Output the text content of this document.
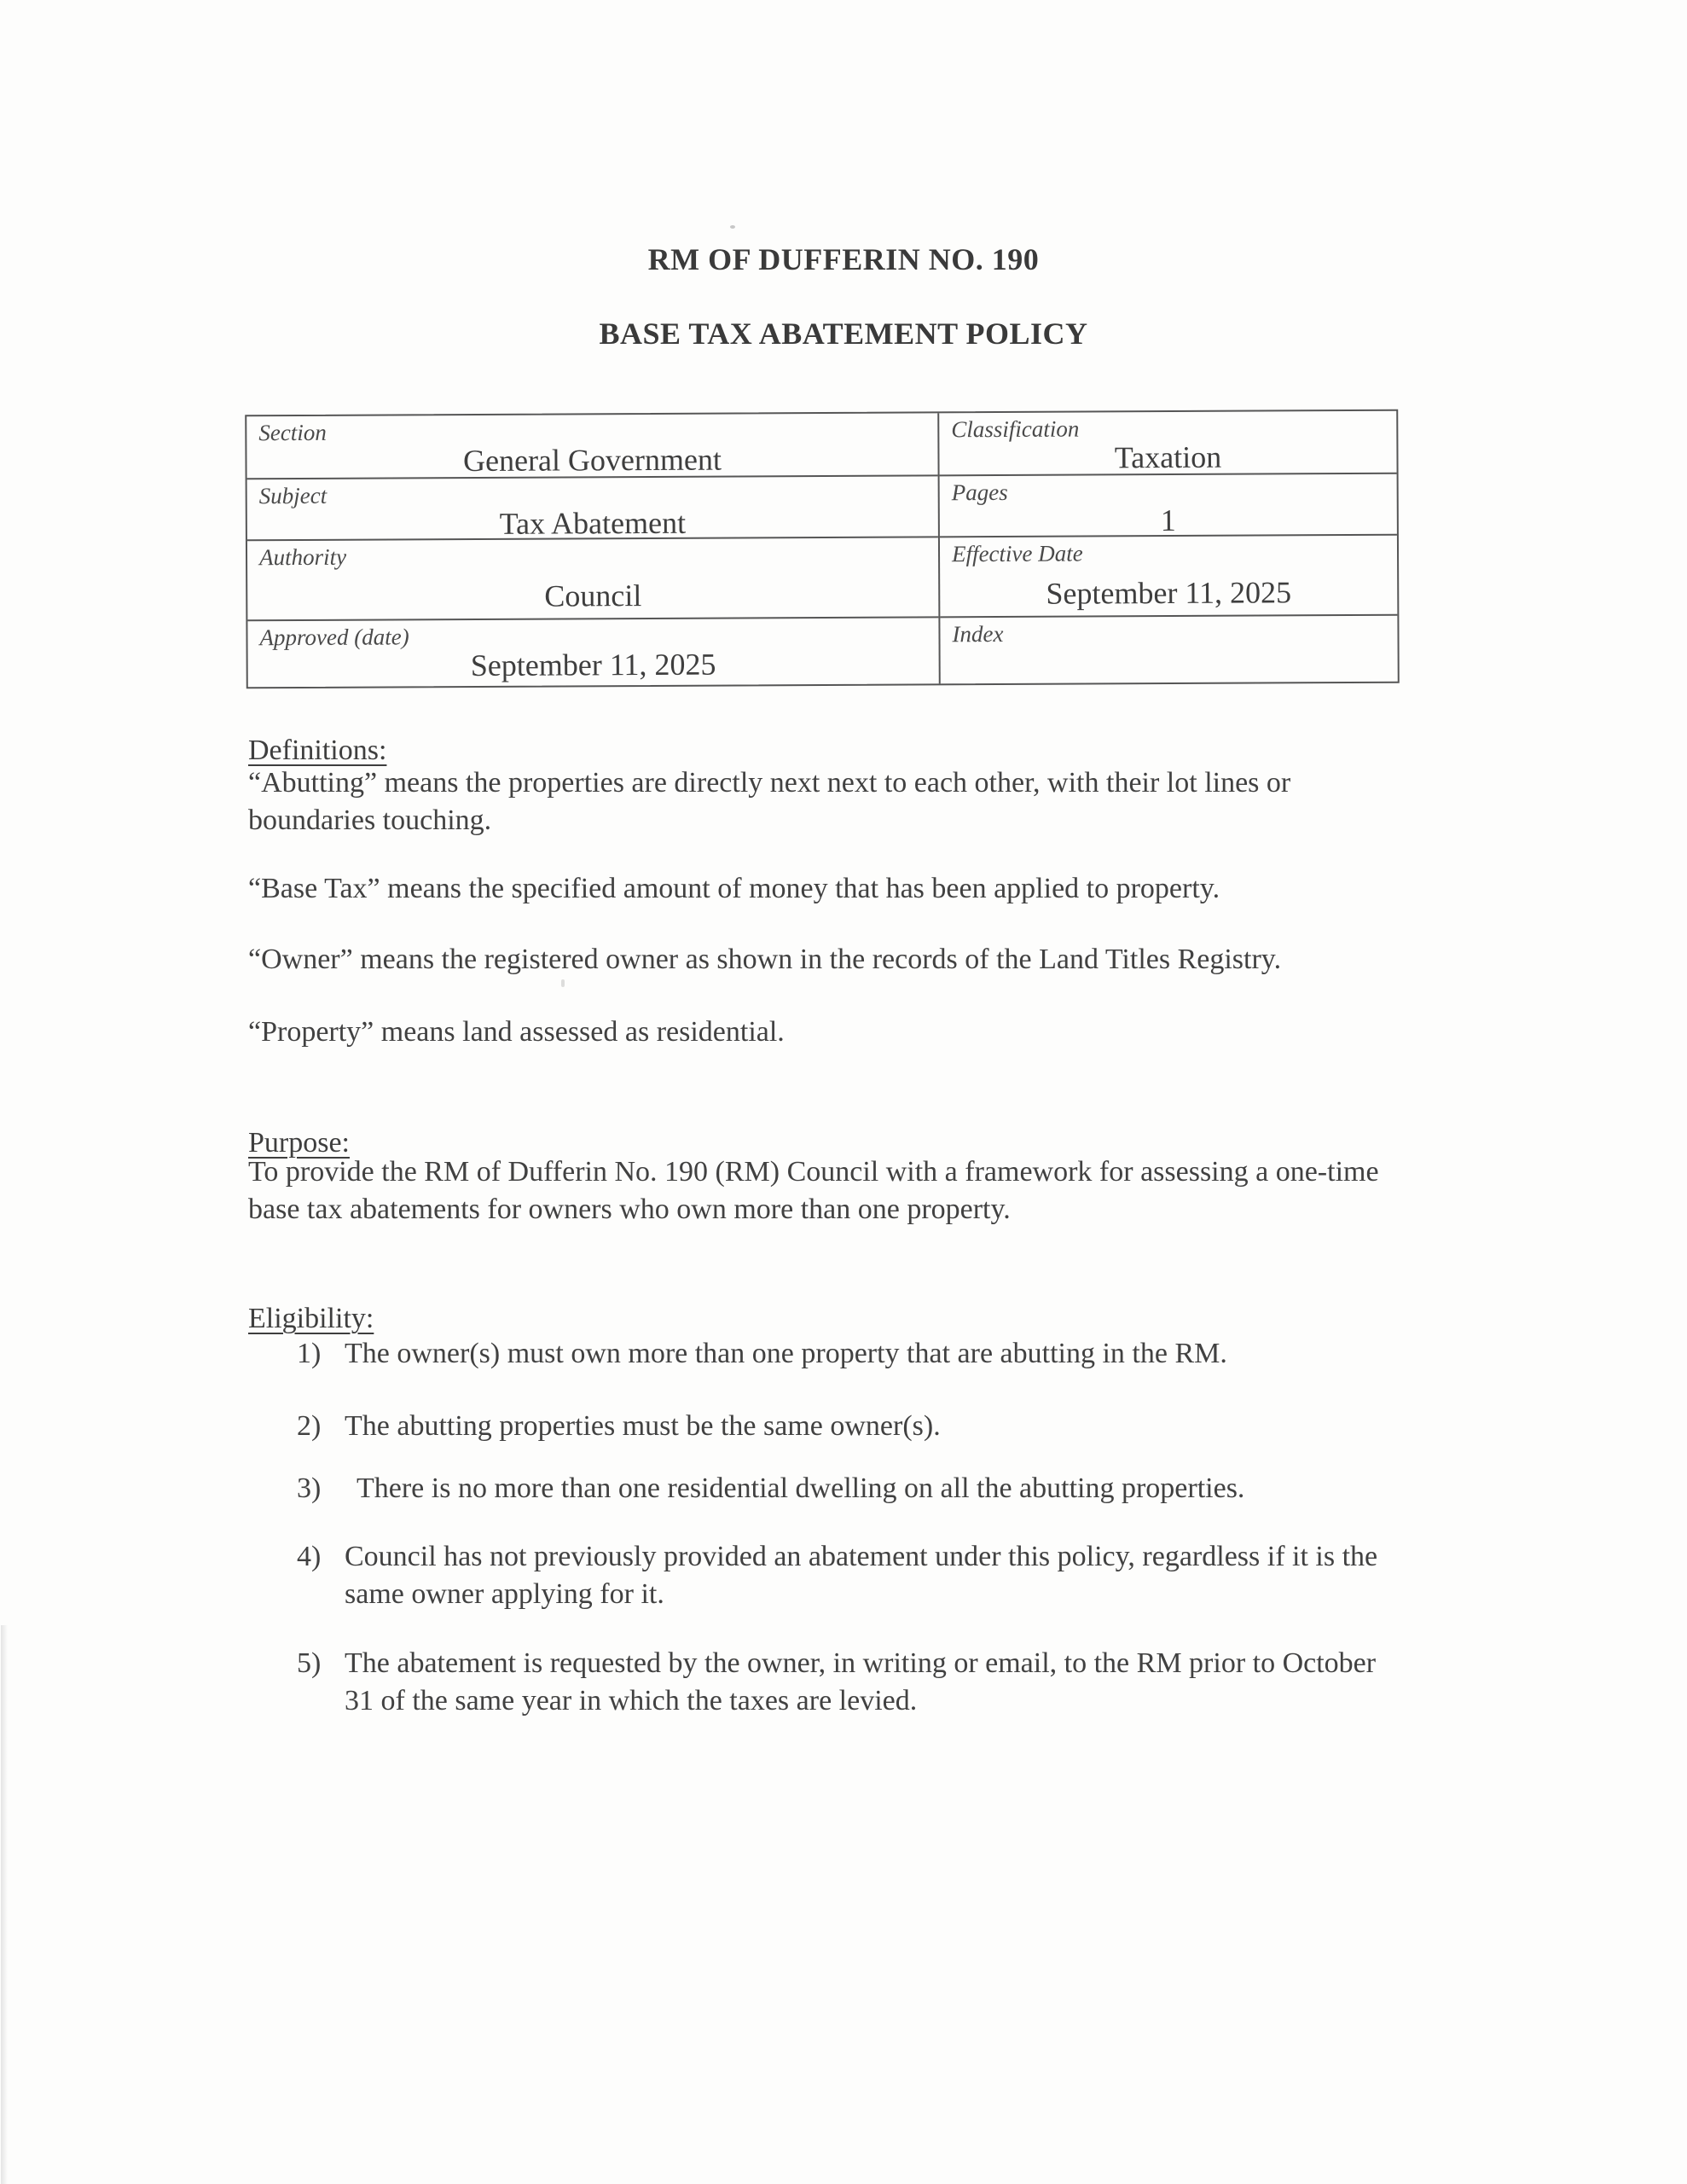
RM OF DUFFERIN NO. 190
BASE TAX ABATEMENT POLICY
Section
General Government
Subject
Tax Abatement
Authority
Council
Approved (date)
September 11, 2025
Classification
Taxation
Pages
1
Effective Date
September 11, 2025
Index
Definitions:
“Abutting” means the properties are directly next next to each other, with their lot lines or
boundaries touching.
“Base Tax” means the specified amount of money that has been applied to property.
“Owner” means the registered owner as shown in the records of the Land Titles Registry.
“Property” means land assessed as residential.
Purpose:
To provide the RM of Dufferin No. 190 (RM) Council with a framework for assessing a one-time
base tax abatements for owners who own more than one property.
Eligibility:
1) The owner(s) must own more than one property that are abutting in the RM.
2) The abutting properties must be the same owner(s).
3) There is no more than one residential dwelling on all the abutting properties.
4) Council has not previously provided an abatement under this policy, regardless if it is the
same owner applying for it.
5) The abatement is requested by the owner, in writing or email, to the RM prior to October
31 of the same year in which the taxes are levied.
